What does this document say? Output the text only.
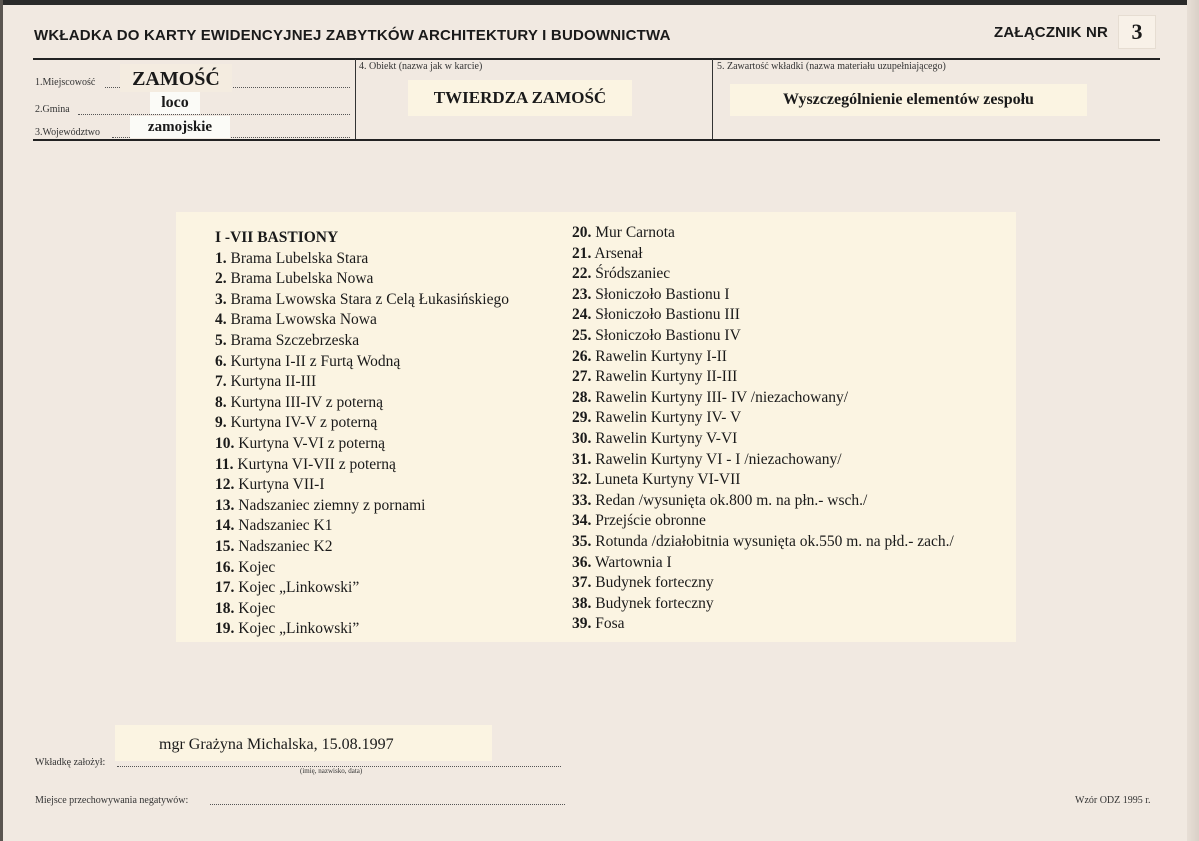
WKŁADKA DO KARTY EWIDENCYJNEJ ZABYTKÓW ARCHITEKTURY I BUDOWNICTWA	ZAŁĄCZNIK NR	3
1.Miejscowość	ZAMOŚĆ
2.Gmina	loco
3.Województwo	zamojskie
4. Obiekt (nazwa jak w karcie)
TWIERDZA ZAMOŚĆ
5. Zawartość wkładki (nazwa materiału uzupełniającego)
Wyszczególnienie elementów zespołu
I -VII BASTIONY
1. Brama Lubelska Stara
2. Brama Lubelska Nowa
3. Brama Lwowska Stara z Celą Łukasińskiego
4. Brama Lwowska Nowa
5. Brama Szczebrzeska
6. Kurtyna I-II z Furtą Wodną
7. Kurtyna II-III
8. Kurtyna III-IV z poterną
9. Kurtyna IV-V z poterną
10. Kurtyna V-VI z poterną
11. Kurtyna VI-VII z poterną
12. Kurtyna VII-I
13. Nadszaniec ziemny z pornami
14. Nadszaniec K1
15. Nadszaniec K2
16. Kojec
17. Kojec „Linkowski”
18. Kojec
19. Kojec „Linkowski”
20. Mur Carnota
21. Arsenał
22. Śródszaniec
23. Słoniczoło Bastionu I
24. Słoniczoło Bastionu III
25. Słoniczoło Bastionu IV
26. Rawelin Kurtyny I-II
27. Rawelin Kurtyny II-III
28. Rawelin Kurtyny III- IV /niezachowany/
29. Rawelin Kurtyny IV- V
30. Rawelin Kurtyny V-VI
31. Rawelin Kurtyny VI - I /niezachowany/
32. Luneta Kurtyny VI-VII
33. Redan /wysunięta ok.800 m. na płn.- wsch./
34. Przejście obronne
35. Rotunda /działobitnia wysunięta ok.550 m. na płd.- zach./
36. Wartownia I
37. Budynek forteczny
38. Budynek forteczny
39. Fosa
mgr Grażyna Michalska, 15.08.1997
Wkładkę założył:
(imię, nazwisko, data)
Miejsce przechowywania negatywów:	Wzór ODZ 1995 r.
